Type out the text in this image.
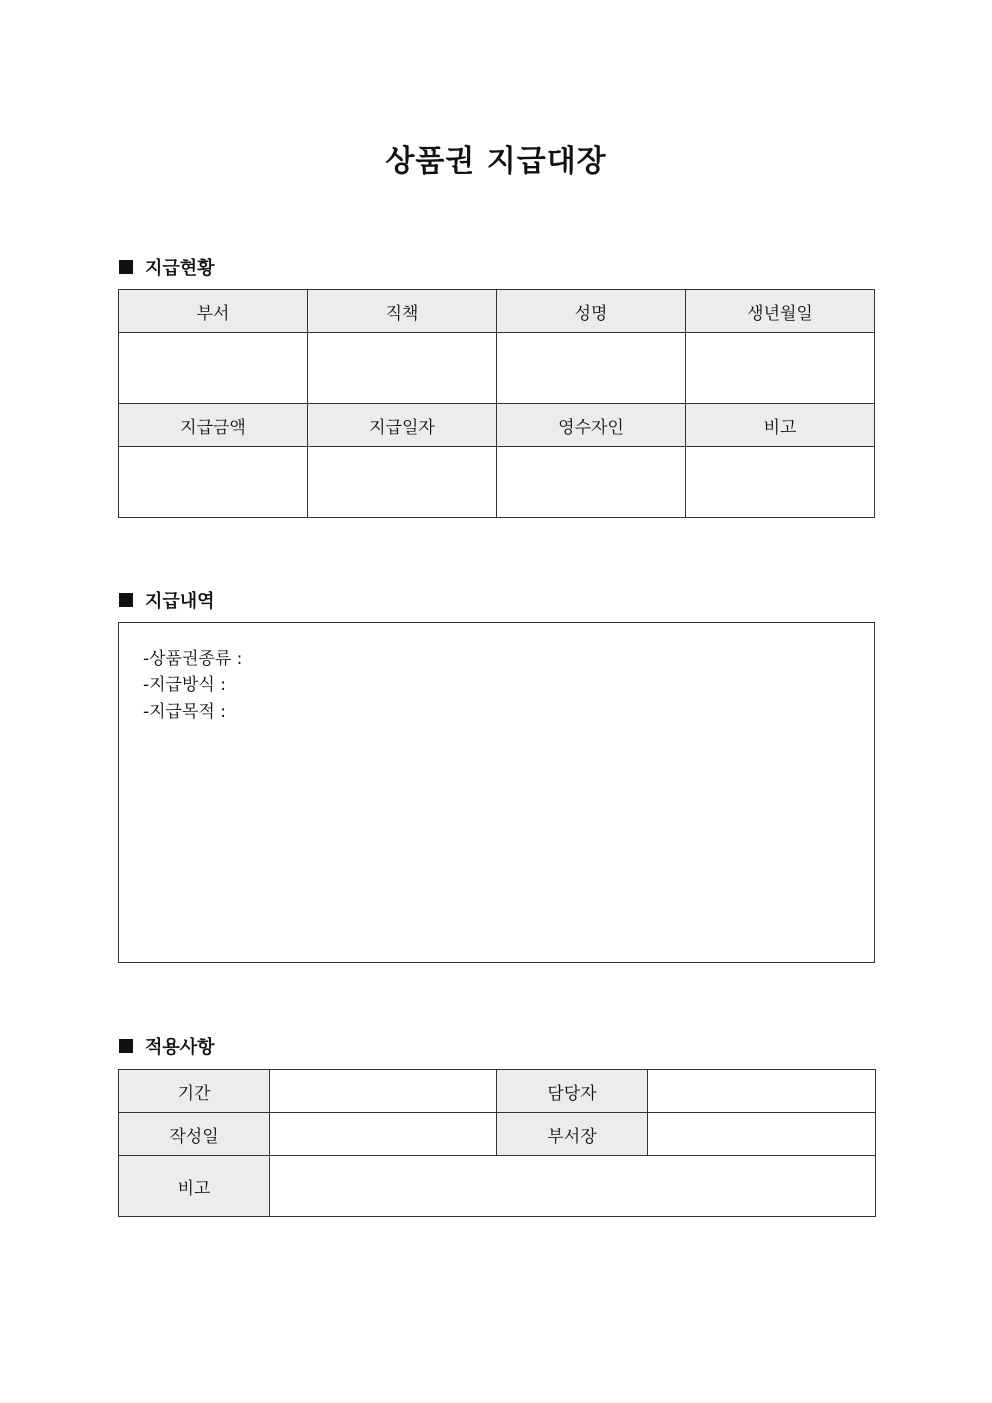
상품권 지급대장
지급현황
부서	직책	성명	생년월일

지급금액	지급일자	영수자인	비고

지급내역
-상품권종류 :
-지급방식 :
-지급목적 :
적용사항
기간		담당자	
작성일		부서장	
비고			
